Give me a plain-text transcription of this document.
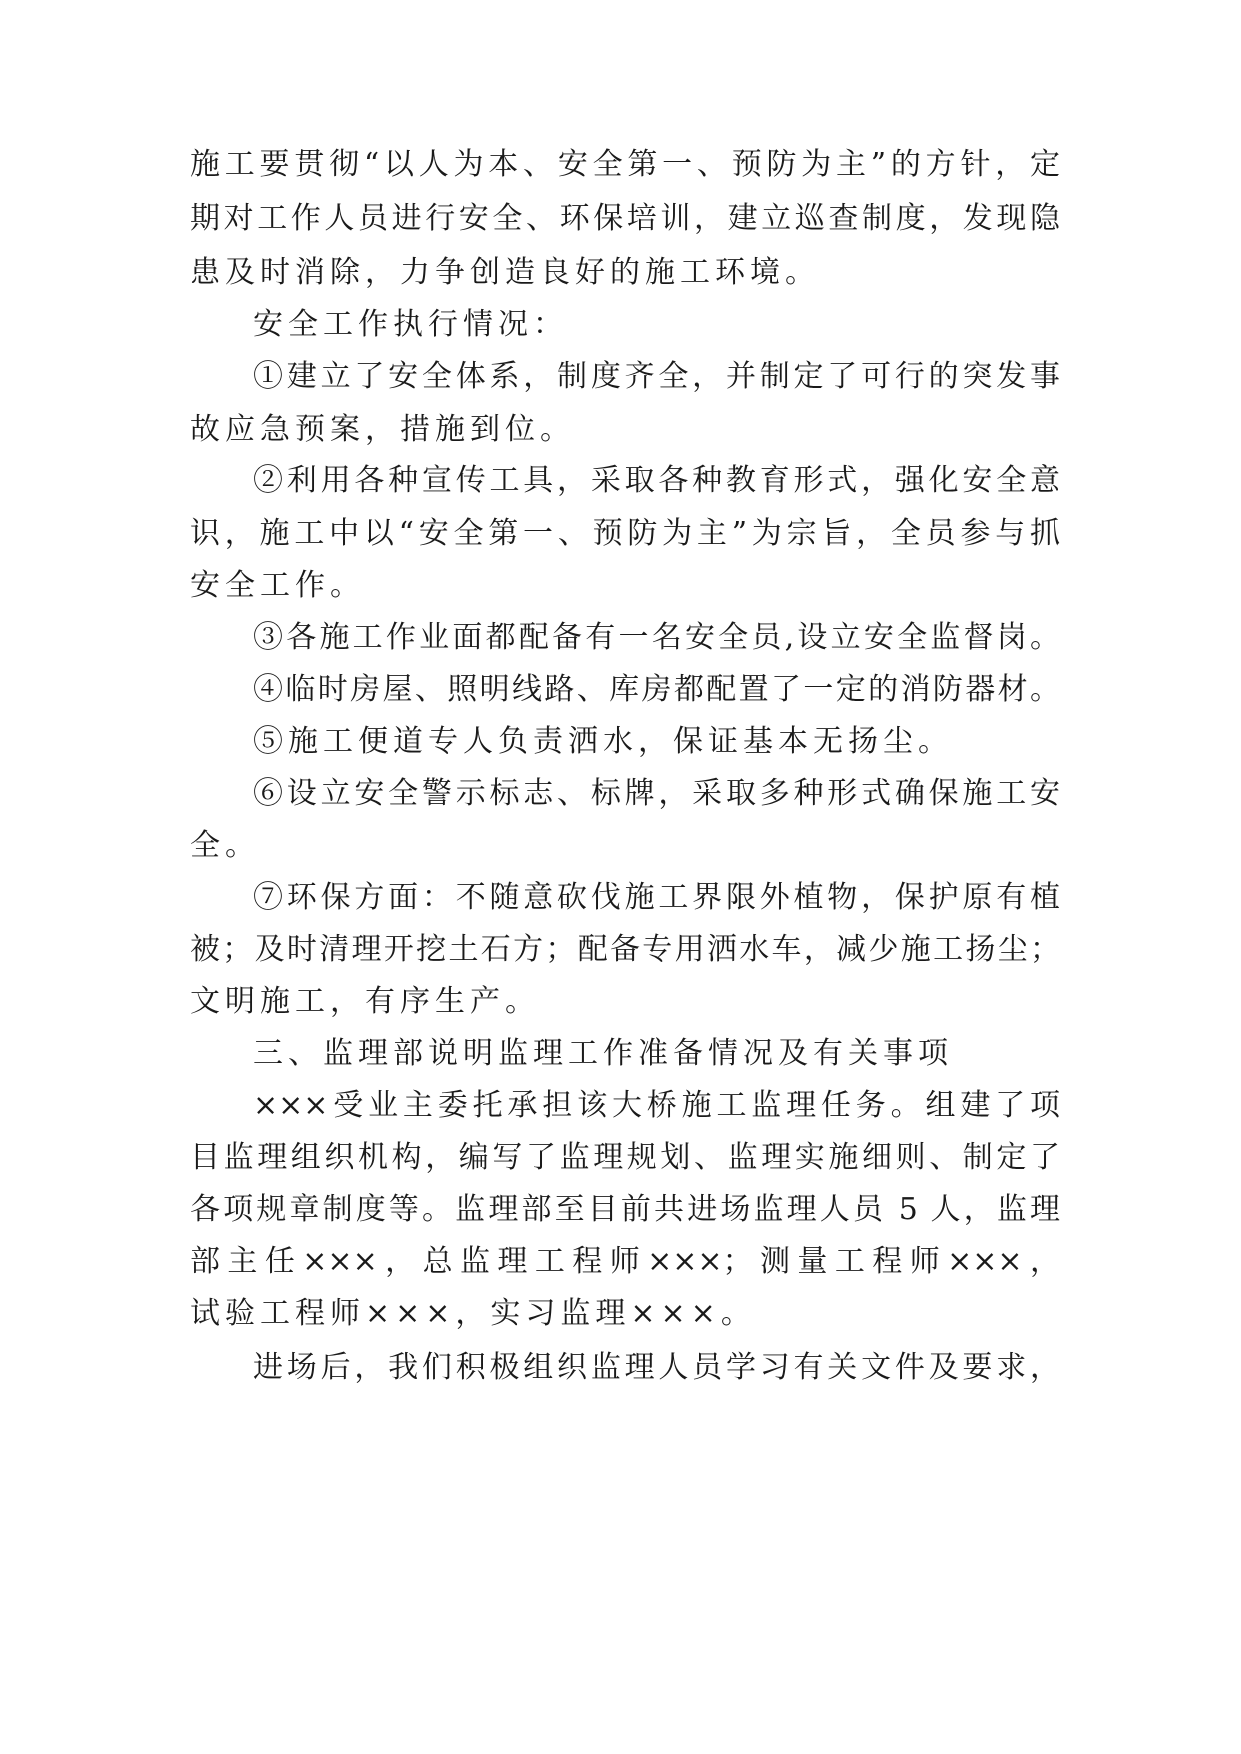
施工要贯彻“以人为本、安全第一、预防为主”的方针，定
期对工作人员进行安全、环保培训，建立巡查制度，发现隐
患及时消除，力争创造良好的施工环境。
安全工作执行情况：
①建立了安全体系，制度齐全，并制定了可行的突发事
故应急预案，措施到位。
②利用各种宣传工具，采取各种教育形式，强化安全意
识，施工中以“安全第一、预防为主”为宗旨，全员参与抓
安全工作。
③各施工作业面都配备有一名安全员,设立安全监督岗。
④临时房屋、照明线路、库房都配置了一定的消防器材。
⑤施工便道专人负责洒水，保证基本无扬尘。
⑥设立安全警示标志、标牌，采取多种形式确保施工安
全。
⑦环保方面：不随意砍伐施工界限外植物，保护原有植
被；及时清理开挖土石方；配备专用洒水车，减少施工扬尘；
文明施工，有序生产。
三、监理部说明监理工作准备情况及有关事项
×××受业主委托承担该大桥施工监理任务。组建了项
目监理组织机构，编写了监理规划、监理实施细则、制定了
各项规章制度等。监理部至目前共进场监理人员 5 人，监理
部主任×××，总监理工程师×××；测量工程师×××，
试验工程师×××，实习监理×××。
进场后，我们积极组织监理人员学习有关文件及要求，
